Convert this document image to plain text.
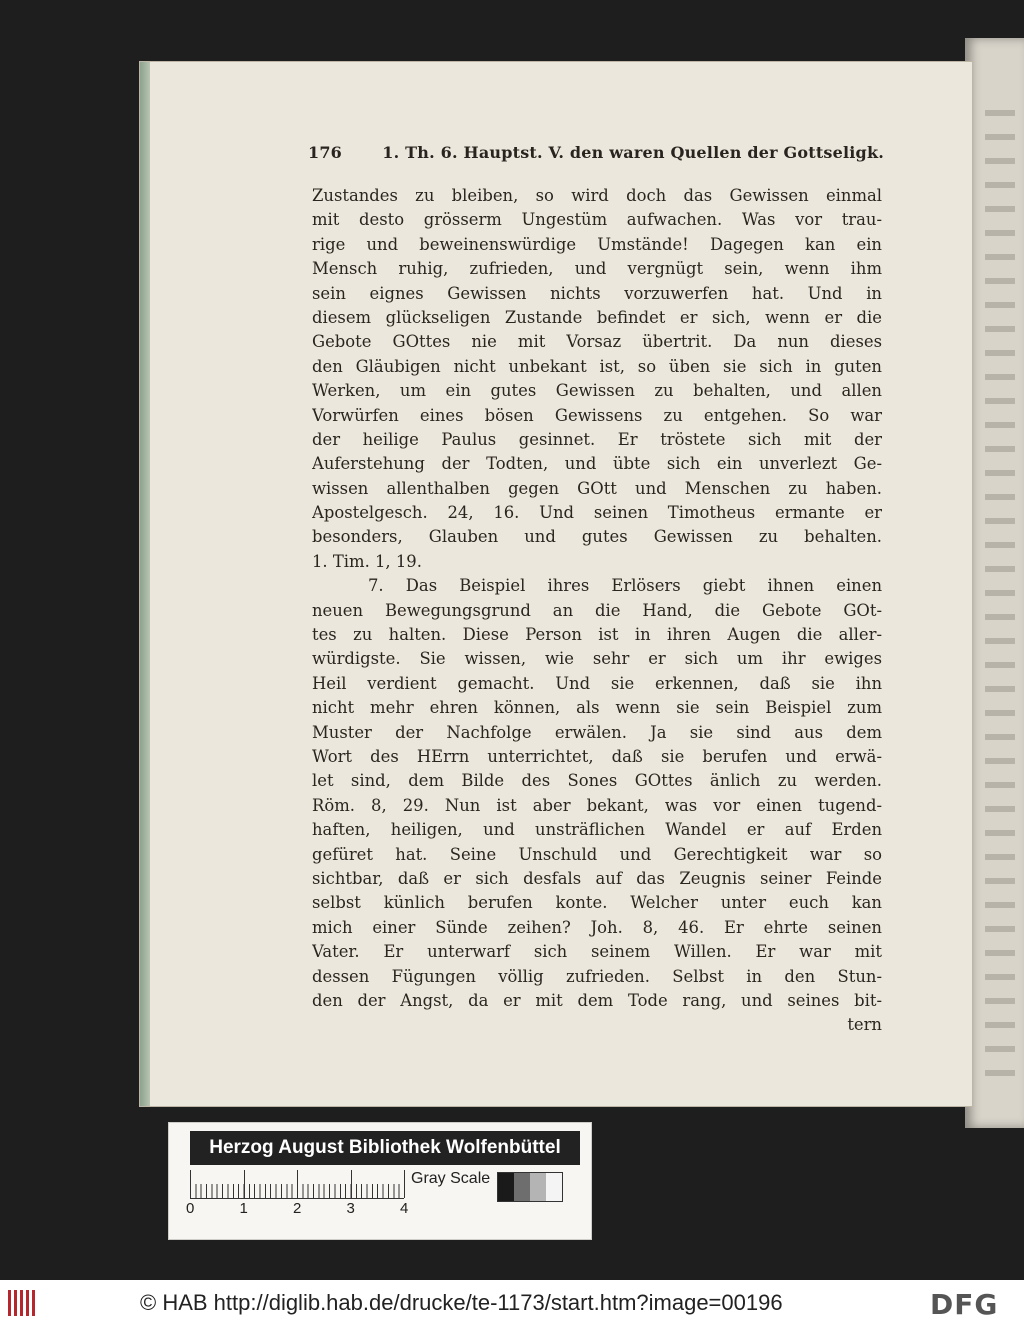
176	1. Th. 6. Hauptst. V. den waren Quellen der Gottseligk.
Zustandes zu bleiben, so wird doch das Gewissen einmal
mit desto grösserm Ungestüm aufwachen. Was vor trau-
rige und beweinenswürdige Umstände! Dagegen kan ein
Mensch ruhig, zufrieden, und vergnügt sein, wenn ihm
sein eignes Gewissen nichts vorzuwerfen hat. Und in
diesem glückseligen Zustande befindet er sich, wenn er die
Gebote GOttes nie mit Vorsaz übertrit. Da nun dieses
den Gläubigen nicht unbekant ist, so üben sie sich in guten
Werken, um ein gutes Gewissen zu behalten, und allen
Vorwürfen eines bösen Gewissens zu entgehen. So war
der heilige Paulus gesinnet. Er tröstete sich mit der
Auferstehung der Todten, und übte sich ein unverlezt Ge-
wissen allenthalben gegen GOtt und Menschen zu haben.
Apostelgesch. 24, 16. Und seinen Timotheus ermante er
besonders, Glauben und gutes Gewissen zu behalten.
1. Tim. 1, 19.
7. Das Beispiel ihres Erlösers giebt ihnen einen
neuen Bewegungsgrund an die Hand, die Gebote GOt-
tes zu halten. Diese Person ist in ihren Augen die aller-
würdigste. Sie wissen, wie sehr er sich um ihr ewiges
Heil verdient gemacht. Und sie erkennen, daß sie ihn
nicht mehr ehren können, als wenn sie sein Beispiel zum
Muster der Nachfolge erwälen. Ja sie sind aus dem
Wort des HErrn unterrichtet, daß sie berufen und erwä-
let sind, dem Bilde des Sones GOttes änlich zu werden.
Röm. 8, 29. Nun ist aber bekant, was vor einen tugend-
haften, heiligen, und unsträflichen Wandel er auf Erden
gefüret hat. Seine Unschuld und Gerechtigkeit war so
sichtbar, daß er sich desfals auf das Zeugnis seiner Feinde
selbst künlich berufen konte. Welcher unter euch kan
mich einer Sünde zeihen? Joh. 8, 46. Er ehrte seinen
Vater. Er unterwarf sich seinem Willen. Er war mit
dessen Fügungen völlig zufrieden. Selbst in den Stun-
den der Angst, da er mit dem Tode rang, und seines bit-
tern
Herzog August Bibliothek Wolfenbüttel
0	1	2	3	4
Gray Scale
© HAB http://diglib.hab.de/drucke/te-1173/start.htm?image=00196	DFG
